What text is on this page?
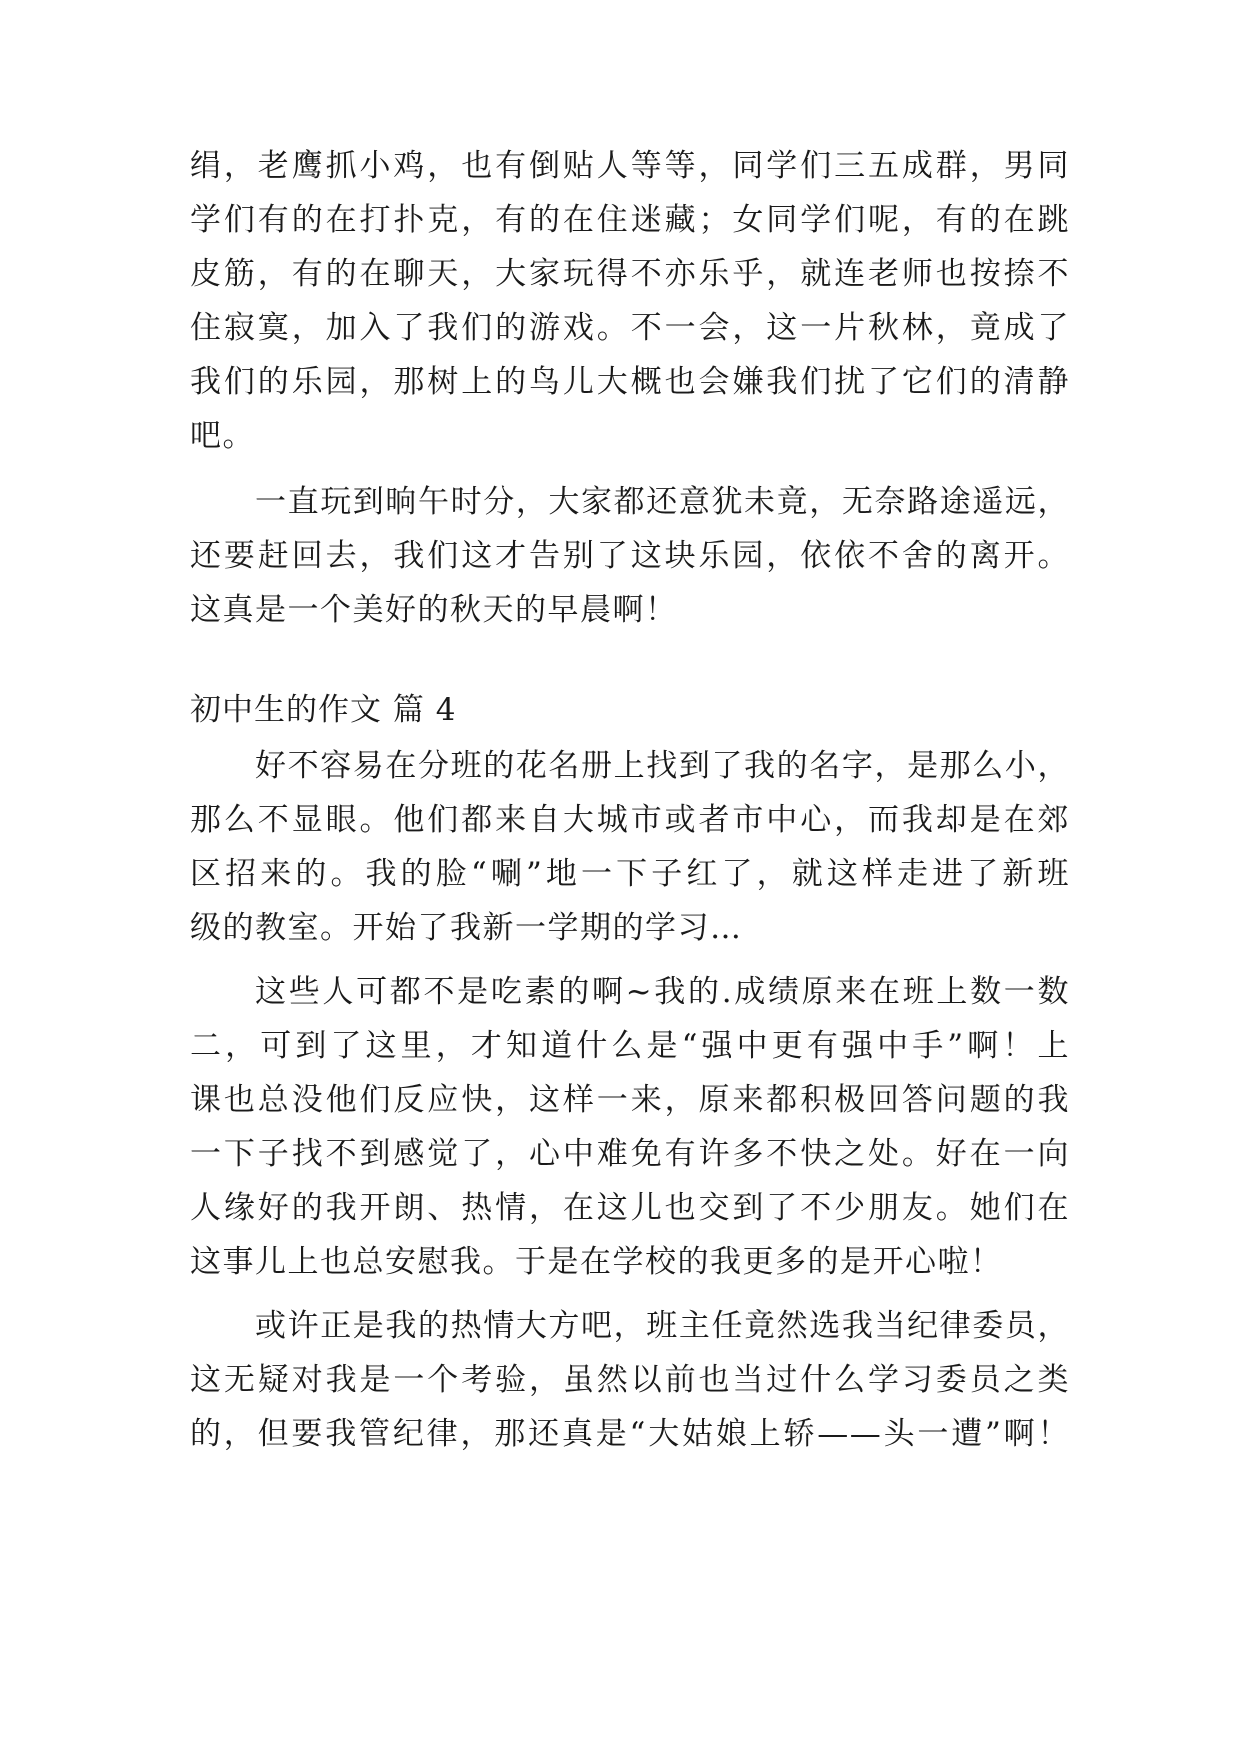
绢，老鹰抓小鸡，也有倒贴人等等，同学们三五成群，男同
学们有的在打扑克，有的在住迷藏；女同学们呢，有的在跳
皮筋，有的在聊天，大家玩得不亦乐乎，就连老师也按捺不
住寂寞，加入了我们的游戏。不一会，这一片秋林，竟成了
我们的乐园，那树上的鸟儿大概也会嫌我们扰了它们的清静
吧。
一直玩到晌午时分，大家都还意犹未竟，无奈路途遥远，
还要赶回去，我们这才告别了这块乐园，依依不舍的离开。
这真是一个美好的秋天的早晨啊！
初中生的作文 篇 4
好不容易在分班的花名册上找到了我的名字，是那么小，
那么不显眼。他们都来自大城市或者市中心，而我却是在郊
区招来的。我的脸“唰”地一下子红了，就这样走进了新班
级的教室。开始了我新一学期的学习…
这些人可都不是吃素的啊~我的.成绩原来在班上数一数
二，可到了这里，才知道什么是“强中更有强中手”啊！上
课也总没他们反应快，这样一来，原来都积极回答问题的我
一下子找不到感觉了，心中难免有许多不快之处。好在一向
人缘好的我开朗、热情，在这儿也交到了不少朋友。她们在
这事儿上也总安慰我。于是在学校的我更多的是开心啦！
或许正是我的热情大方吧，班主任竟然选我当纪律委员，
这无疑对我是一个考验，虽然以前也当过什么学习委员之类
的，但要我管纪律，那还真是“大姑娘上轿——头一遭”啊！
